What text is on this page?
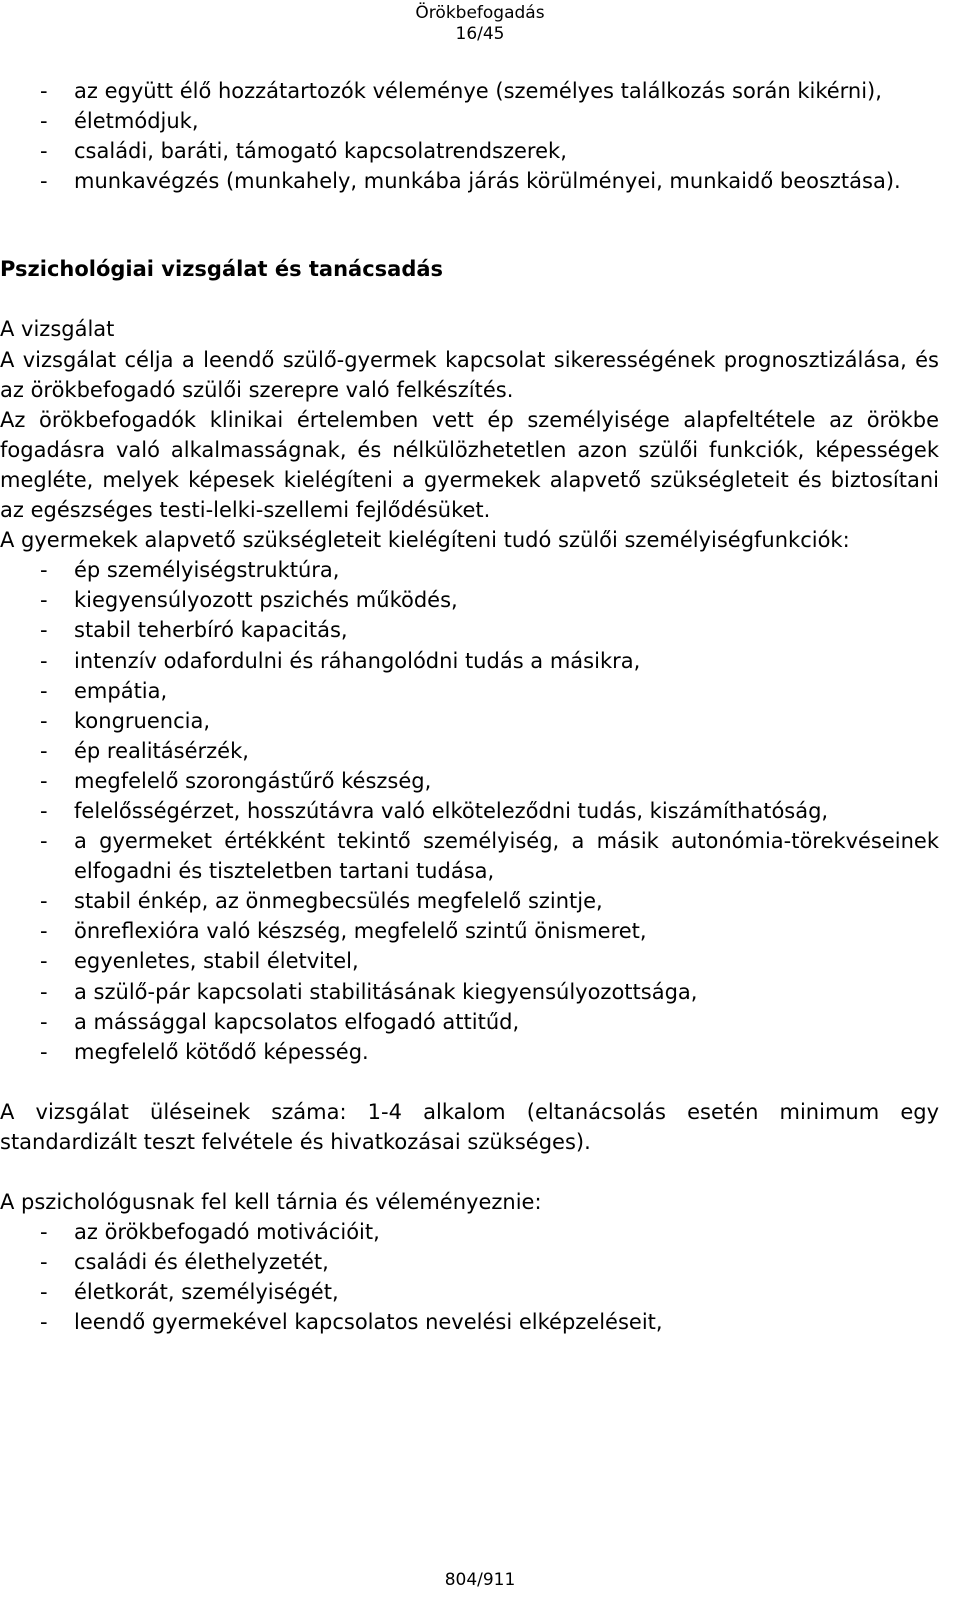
Örökbefogadás
16/45
- az együtt élő hozzátartozók véleménye (személyes találkozás során kikérni),
- életmódjuk,
- családi, baráti, támogató kapcsolatrendszerek,
- munkavégzés (munkahely, munkába járás körülményei, munkaidő beosztása).

Pszichológiai vizsgálat és tanácsadás

A vizsgálat

A vizsgálat célja a leendő szülő-gyermek kapcsolat sikerességének prognosztizálása, és az örökbefogadó szülői szerepre való felkészítés.

Az örökbefogadók klinikai értelemben vett ép személyisége alapfeltétele az örökbe fogadásra való alkalmasságnak, és nélkülözhetetlen azon szülői funkciók, képességek megléte, melyek képesek kielégíteni a gyermekek alapvető szükségleteit és biztosítani az egészséges testi-lelki-szellemi fejlődésüket.

A gyermekek alapvető szükségleteit kielégíteni tudó szülői személyiségfunkciók:

- ép személyiségstruktúra,
- kiegyensúlyozott pszichés működés,
- stabil teherbíró kapacitás,
- intenzív odafordulni és ráhangolódni tudás a másikra,
- empátia,
- kongruencia,
- ép realitásérzék,
- megfelelő szorongástűrő készség,
- felelősségérzet, hosszútávra való elköteleződni tudás, kiszámíthatóság,
- a gyermeket értékként tekintő személyiség, a másik autonómia-törekvéseinek elfogadni és tiszteletben tartani tudása,
- stabil énkép, az önmegbecsülés megfelelő szintje,
- önreflexióra való készség, megfelelő szintű önismeret,
- egyenletes, stabil életvitel,
- a szülő-pár kapcsolati stabilitásának kiegyensúlyozottsága,
- a mássággal kapcsolatos elfogadó attitűd,
- megfelelő kötődő képesség.

A vizsgálat üléseinek száma: 1-4 alkalom (eltanácsolás esetén minimum egy standardizált teszt felvétele és hivatkozásai szükséges).

A pszichológusnak fel kell tárnia és véleményeznie:

- az örökbefogadó motivációit,
- családi és élethelyzetét,
- életkorát, személyiségét,
- leendő gyermekével kapcsolatos nevelési elképzeléseit,
804/911
